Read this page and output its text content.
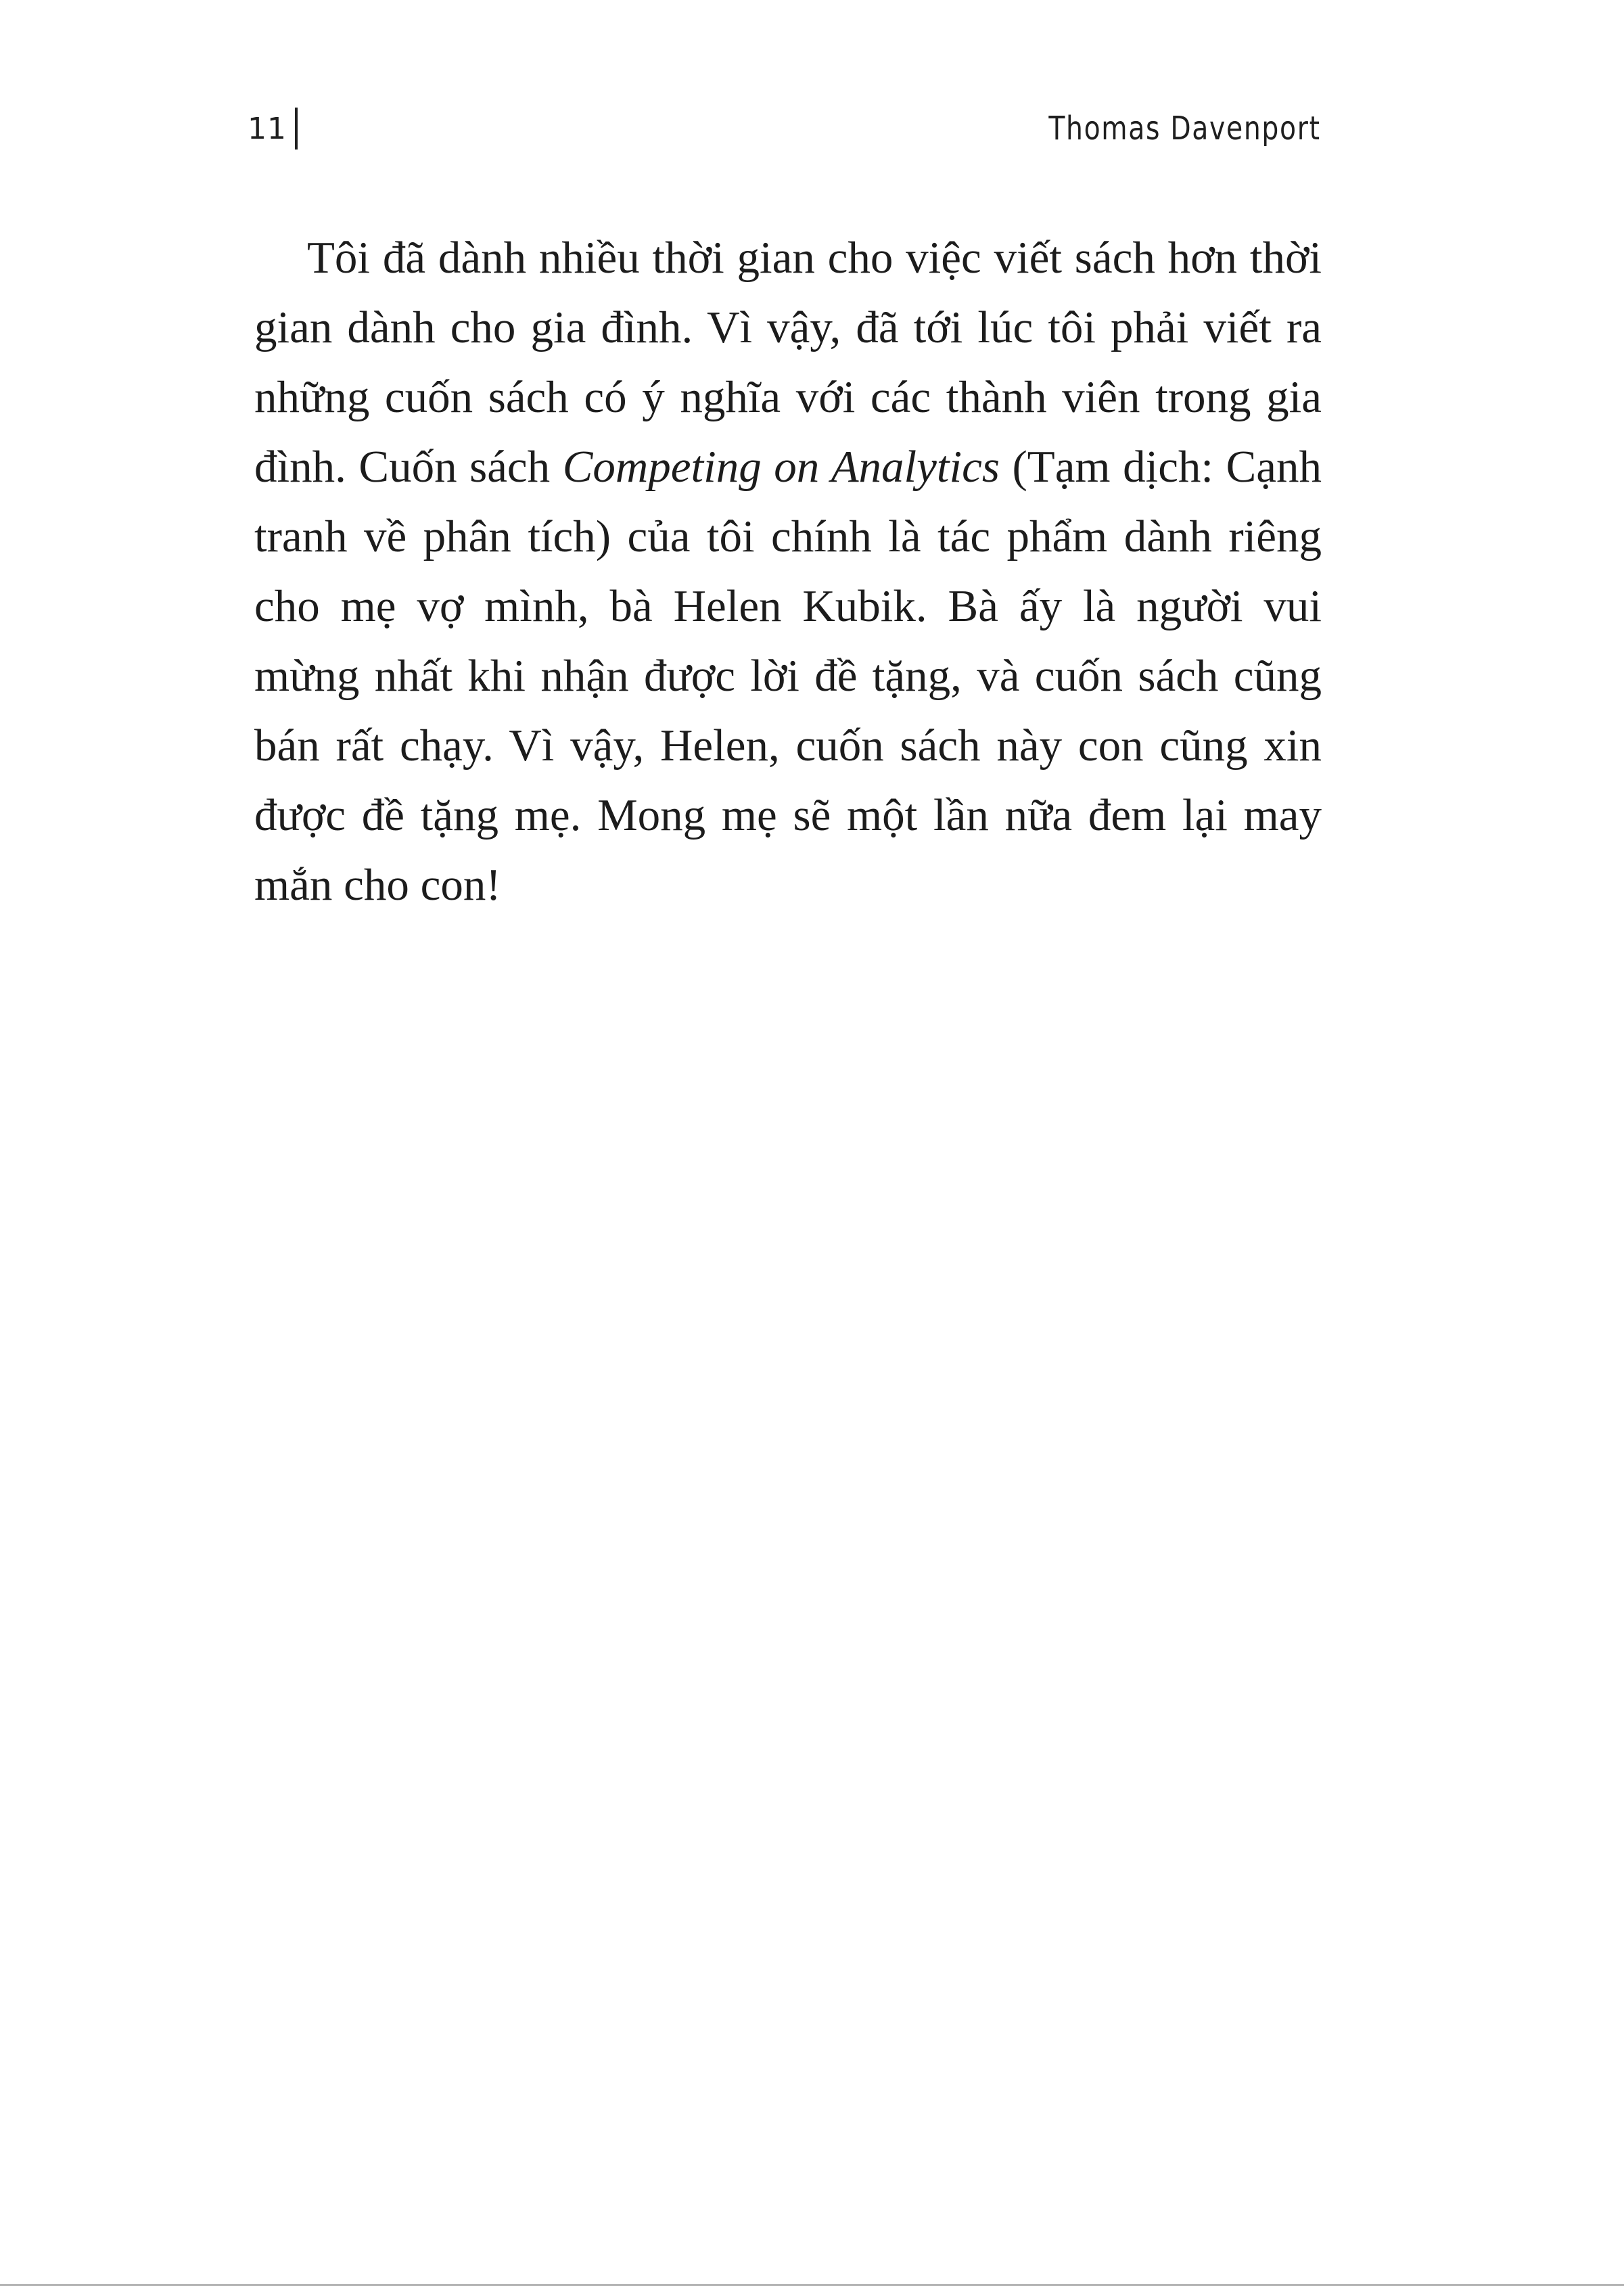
11	Thomas Davenport

Tôi đã dành nhiều thời gian cho việc viết sách hơn thời gian dành cho gia đình. Vì vậy, đã tới lúc tôi phải viết ra những cuốn sách có ý nghĩa với các thành viên trong gia đình. Cuốn sách Competing on Analytics (Tạm dịch: Cạnh tranh về phân tích) của tôi chính là tác phẩm dành riêng cho mẹ vợ mình, bà Helen Kubik. Bà ấy là người vui mừng nhất khi nhận được lời đề tặng, và cuốn sách cũng bán rất chạy. Vì vậy, Helen, cuốn sách này con cũng xin được đề tặng mẹ. Mong mẹ sẽ một lần nữa đem lại may mắn cho con!
